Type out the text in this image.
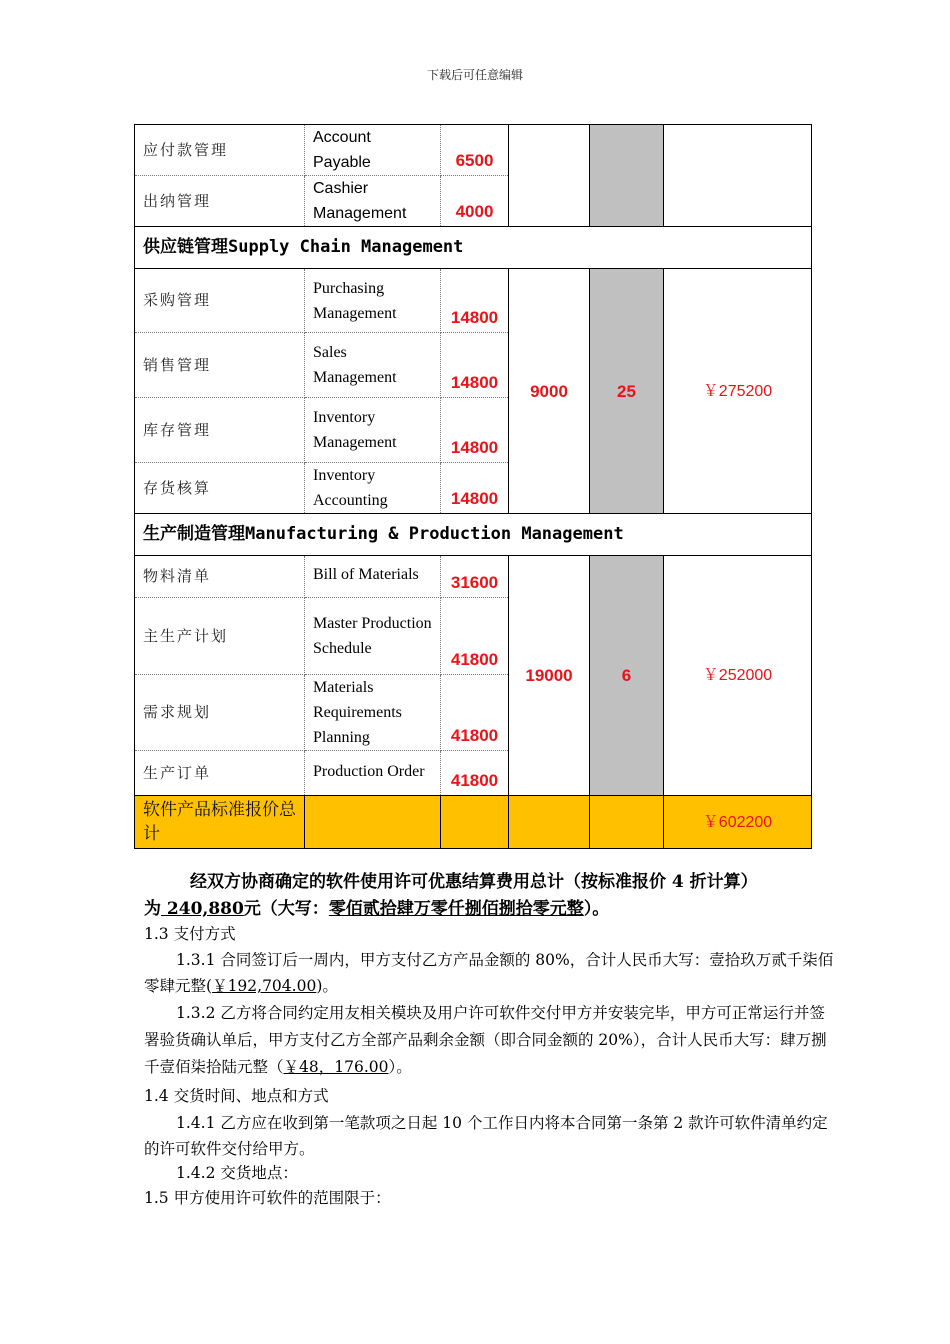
下载后可任意编辑
应付款管理	Account Payable	6500			
出纳管理	Cashier Management	4000			
供应链管理Supply Chain Management					
采购管理	Purchasing Management	14800	9000	25	￥275200
销售管理	Sales Management	14800			
库存管理	Inventory Management	14800			
存货核算	Inventory Accounting	14800			
生产制造管理Manufacturing & Production Management					
物料清单	Bill of Materials	31600	19000	6	￥252000
主生产计划	Master Production Schedule	41800			
需求规划	Materials Requirements Planning	41800			
生产订单	Production Order	41800			
软件产品标准报价总计					￥602200
经双方协商确定的软件使用许可优惠结算费用总计（按标准报价 4 折计算）
为 240,880元（大写：零佰贰拾肆万零仟捌佰捌拾零元整）。
1.3 支付方式
1.3.1 合同签订后一周内，甲方支付乙方产品金额的 80%，合计人民币大写：壹拾玖万贰千柒佰零肆元整(￥192,704.00)。
1.3.2 乙方将合同约定用友相关模块及用户许可软件交付甲方并安装完毕，甲方可正常运行并签署验货确认单后，甲方支付乙方全部产品剩余金额（即合同金额的 20%），合计人民币大写：肆万捌千壹佰柒拾陆元整（￥48，176.00）。
1.4 交货时间、地点和方式
1.4.1 乙方应在收到第一笔款项之日起 10 个工作日内将本合同第一条第 2 款许可软件清单约定的许可软件交付给甲方。
1.4.2 交货地点：
1.5 甲方使用许可软件的范围限于：
